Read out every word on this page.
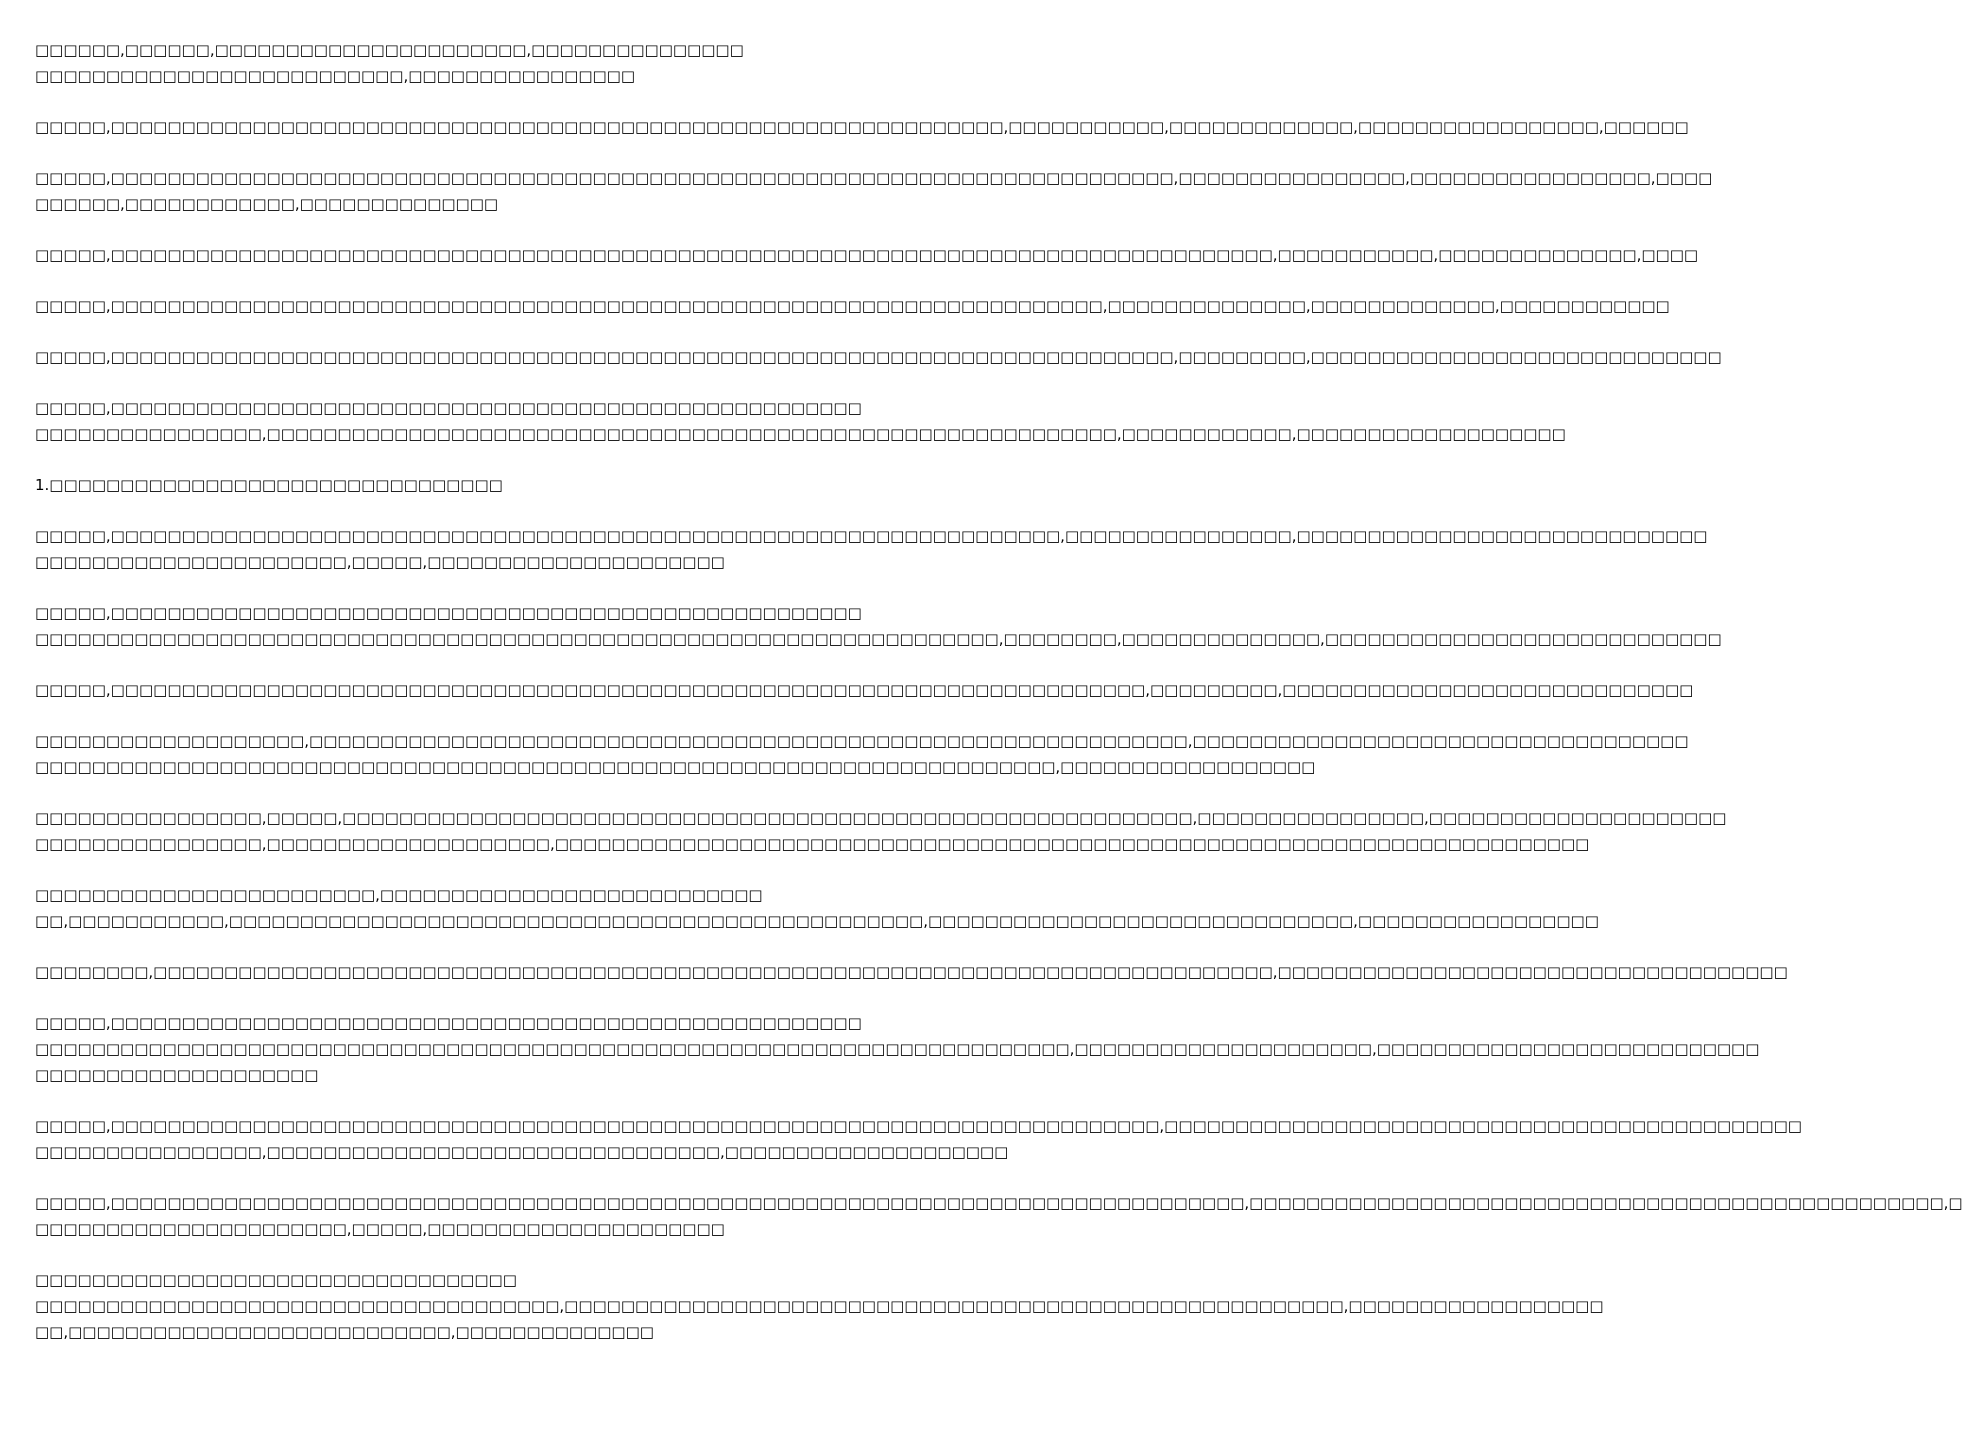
□□□□□□,□□□□□□,□□□□□□□□□□□□□□□□□□□□□□,□□□□□□□□□□□□□□□
□□□□□□□□□□□□□□□□□□□□□□□□□□,□□□□□□□□□□□□□□□□
□□□□□,□□□□□□□□□□□□□□□□□□□□□□□□□□□□□□□□□□□□□□□□□□□□□□□□□□□□□□□□□□□□□□□,□□□□□□□□□□□,□□□□□□□□□□□□□,□□□□□□□□□□□□□□□□□,□□□□□□
□□□□□,□□□□□□□□□□□□□□□□□□□□□□□□□□□□□□□□□□□□□□□□□□□□□□□□□□□□□□□□□□□□□□□□□□□□□□□□□□□,□□□□□□□□□□□□□□□□,□□□□□□□□□□□□□□□□□,□□□□
□□□□□□,□□□□□□□□□□□□,□□□□□□□□□□□□□□
□□□□□,□□□□□□□□□□□□□□□□□□□□□□□□□□□□□□□□□□□□□□□□□□□□□□□□□□□□□□□□□□□□□□□□□□□□□□□□□□□□□□□□□□,□□□□□□□□□□□,□□□□□□□□□□□□□□,□□□□
□□□□□,□□□□□□□□□□□□□□□□□□□□□□□□□□□□□□□□□□□□□□□□□□□□□□□□□□□□□□□□□□□□□□□□□□□□□□,□□□□□□□□□□□□□□,□□□□□□□□□□□□□,□□□□□□□□□□□□
□□□□□,□□□□□□□□□□□□□□□□□□□□□□□□□□□□□□□□□□□□□□□□□□□□□□□□□□□□□□□□□□□□□□□□□□□□□□□□□□□,□□□□□□□□□,□□□□□□□□□□□□□□□□□□□□□□□□□□□□□
□□□□□,□□□□□□□□□□□□□□□□□□□□□□□□□□□□□□□□□□□□□□□□□□□□□□□□□□□□□
□□□□□□□□□□□□□□□□,□□□□□□□□□□□□□□□□□□□□□□□□□□□□□□□□□□□□□□□□□□□□□□□□□□□□□□□□□□□□,□□□□□□□□□□□□,□□□□□□□□□□□□□□□□□□□
1.□□□□□□□□□□□□□□□□□□□□□□□□□□□□□□□□
□□□□□,□□□□□□□□□□□□□□□□□□□□□□□□□□□□□□□□□□□□□□□□□□□□□□□□□□□□□□□□□□□□□□□□□□□,□□□□□□□□□□□□□□□□,□□□□□□□□□□□□□□□□□□□□□□□□□□□□□
□□□□□□□□□□□□□□□□□□□□□□,□□□□□,□□□□□□□□□□□□□□□□□□□□□
□□□□□,□□□□□□□□□□□□□□□□□□□□□□□□□□□□□□□□□□□□□□□□□□□□□□□□□□□□□
□□□□□□□□□□□□□□□□□□□□□□□□□□□□□□□□□□□□□□□□□□□□□□□□□□□□□□□□□□□□□□□□□□□□,□□□□□□□□,□□□□□□□□□□□□□□,□□□□□□□□□□□□□□□□□□□□□□□□□□□□
□□□□□,□□□□□□□□□□□□□□□□□□□□□□□□□□□□□□□□□□□□□□□□□□□□□□□□□□□□□□□□□□□□□□□□□□□□□□□□□,□□□□□□□□□,□□□□□□□□□□□□□□□□□□□□□□□□□□□□□
□□□□□□□□□□□□□□□□□□□,□□□□□□□□□□□□□□□□□□□□□□□□□□□□□□□□□□□□□□□□□□□□□□□□□□□□□□□□□□□□□□,□□□□□□□□□□□□□□□□□□□□□□□□□□□□□□□□□□□
□□□□□□□□□□□□□□□□□□□□□□□□□□□□□□□□□□□□□□□□□□□□□□□□□□□□□□□□□□□□□□□□□□□□□□□□,□□□□□□□□□□□□□□□□□□
□□□□□□□□□□□□□□□□,□□□□□,□□□□□□□□□□□□□□□□□□□□□□□□□□□□□□□□□□□□□□□□□□□□□□□□□□□□□□□□□□□□,□□□□□□□□□□□□□□□□,□□□□□□□□□□□□□□□□□□□□□
□□□□□□□□□□□□□□□□,□□□□□□□□□□□□□□□□□□□□,□□□□□□□□□□□□□□□□□□□□□□□□□□□□□□□□□□□□□□□□□□□□□□□□□□□□□□□□□□□□□□□□□□□□□□□□□
□□□□□□□□□□□□□□□□□□□□□□□□,□□□□□□□□□□□□□□□□□□□□□□□□□□□
□□,□□□□□□□□□□□,□□□□□□□□□□□□□□□□□□□□□□□□□□□□□□□□□□□□□□□□□□□□□□□□□,□□□□□□□□□□□□□□□□□□□□□□□□□□□□□□,□□□□□□□□□□□□□□□□□
□□□□□□□□,□□□□□□□□□□□□□□□□□□□□□□□□□□□□□□□□□□□□□□□□□□□□□□□□□□□□□□□□□□□□□□□□□□□□□□□□□□□□□□□,□□□□□□□□□□□□□□□□□□□□□□□□□□□□□□□□□□□□
□□□□□,□□□□□□□□□□□□□□□□□□□□□□□□□□□□□□□□□□□□□□□□□□□□□□□□□□□□□
□□□□□□□□□□□□□□□□□□□□□□□□□□□□□□□□□□□□□□□□□□□□□□□□□□□□□□□□□□□□□□□□□□□□□□□□□,□□□□□□□□□□□□□□□□□□□□□,□□□□□□□□□□□□□□□□□□□□□□□□□□□
□□□□□□□□□□□□□□□□□□□□
□□□□□,□□□□□□□□□□□□□□□□□□□□□□□□□□□□□□□□□□□□□□□□□□□□□□□□□□□□□□□□□□□□□□□□□□□□□□□□□□,□□□□□□□□□□□□□□□□□□□□□□□□□□□□□□□□□□□□□□□□□□□□□
□□□□□□□□□□□□□□□□,□□□□□□□□□□□□□□□□□□□□□□□□□□□□□□□□,□□□□□□□□□□□□□□□□□□□□
□□□□□,□□□□□□□□□□□□□□□□□□□□□□□□□□□□□□□□□□□□□□□□□□□□□□□□□□□□□□□□□□□□□□□□□□□□□□□□□□□□□□□□,□□□□□□□□□□□□□□□□□□□□□□□□□□□□□□□□□□□□□□□□□□□□□□□□□,□
□□□□□□□□□□□□□□□□□□□□□□,□□□□□,□□□□□□□□□□□□□□□□□□□□□
□□□□□□□□□□□□□□□□□□□□□□□□□□□□□□□□□□
□□□□□□□□□□□□□□□□□□□□□□□□□□□□□□□□□□□□□,□□□□□□□□□□□□□□□□□□□□□□□□□□□□□□□□□□□□□□□□□□□□□□□□□□□□□□□,□□□□□□□□□□□□□□□□□□
□□,□□□□□□□□□□□□□□□□□□□□□□□□□□□,□□□□□□□□□□□□□□
